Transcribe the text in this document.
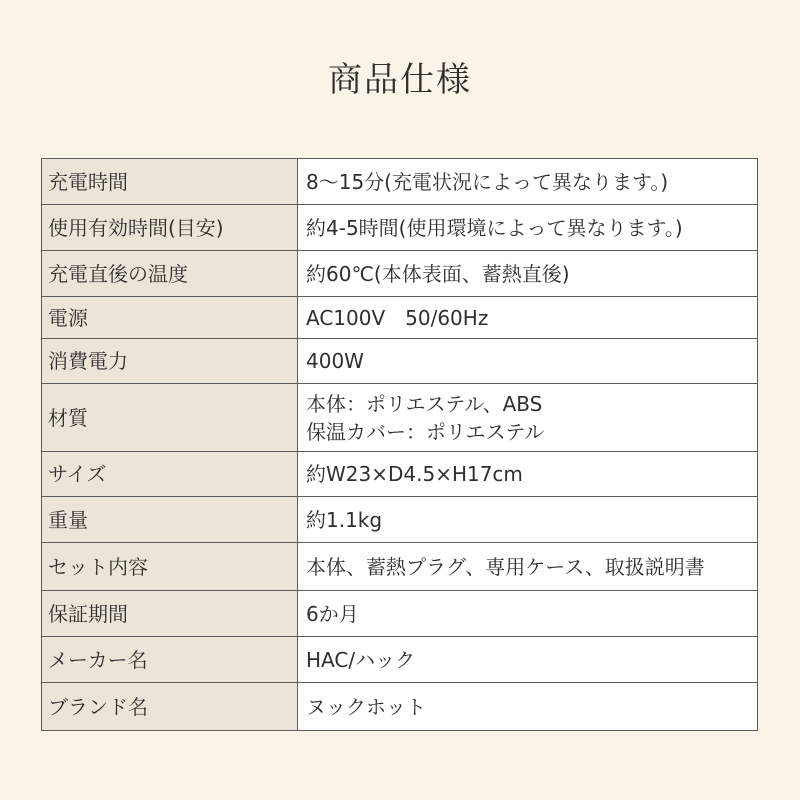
商品仕様
充電時間	8～15分(充電状況によって異なります。)

使用有効時間(目安)	約4-5時間(使用環境によって異なります。)

充電直後の温度	約60℃(本体表面、蓄熱直後)

電源	AC100V　50/60Hz

消費電力	400W

材質	本体：ポリエステル、ABS
保温カバー：ポリエステル

サイズ	約W23×D4.5×H17cm

重量	約1.1kg

セット内容	本体、蓄熱プラグ、専用ケース、取扱説明書

保証期間	6か月

メーカー名	HAC/ハック

ブランド名	ヌックホット
